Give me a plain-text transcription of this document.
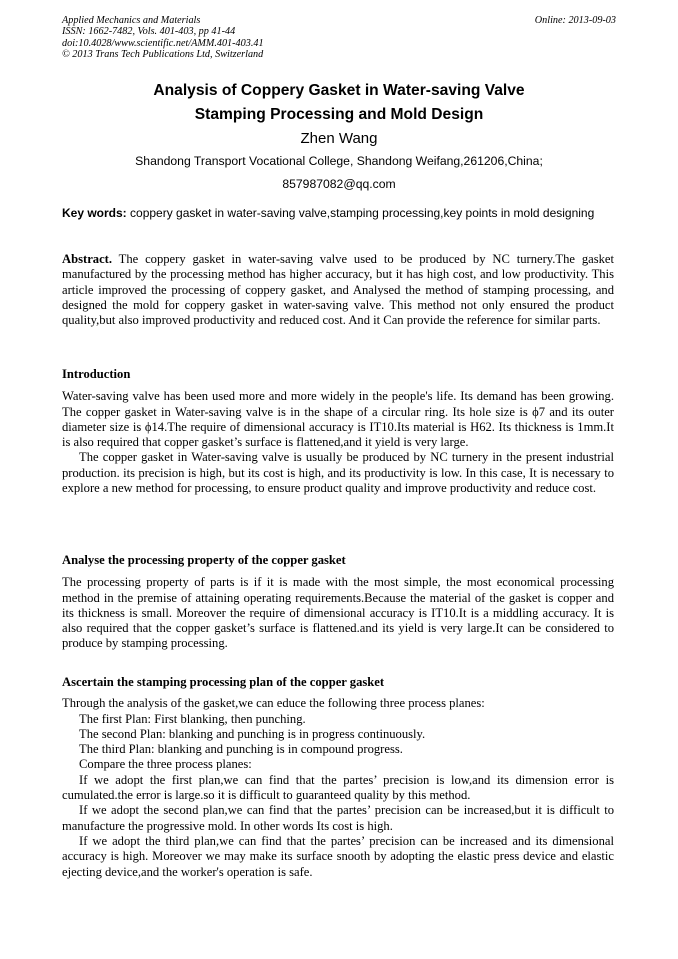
Applied Mechanics and Materials
ISSN: 1662-7482, Vols. 401-403, pp 41-44
doi:10.4028/www.scientific.net/AMM.401-403.41
© 2013 Trans Tech Publications Ltd, Switzerland
Online: 2013-09-03
Analysis of Coppery Gasket in Water-saving Valve
Stamping Processing and Mold Design
Zhen Wang
Shandong Transport Vocational College, Shandong Weifang,261206,China;
857987082@qq.com
Key words: coppery gasket in water-saving valve,stamping processing,key points in mold designing

Abstract. The coppery gasket in water-saving valve used to be produced by NC turnery.The gasket manufactured by the processing method has higher accuracy, but it has high cost, and low productivity. This article improved the processing of coppery gasket, and Analysed the method of stamping processing, and designed the mold for coppery gasket in water-saving valve. This method not only ensured the product quality,but also improved productivity and reduced cost. And it Can provide the reference for similar parts.

Introduction

Water-saving valve has been used more and more widely in the people's life. Its demand has been growing. The copper gasket in Water-saving valve is in the shape of a circular ring. Its hole size is ϕ7 and its outer diameter size is ϕ14.The require of dimensional accuracy is IT10.Its material is H62. Its thickness is 1mm.It is also required that copper gasket’s surface is flattened,and it yield is very large.

The copper gasket in Water-saving valve is usually be produced by NC turnery in the present industrial production. its precision is high, but its cost is high, and its productivity is low. In this case, It is necessary to explore a new method for processing, to ensure product quality and improve productivity and reduce cost.

Analyse the processing property of the copper gasket

The processing property of parts is if it is made with the most simple, the most economical processing method in the premise of attaining operating requirements.Because the material of the gasket is copper and its thickness is small. Moreover the require of dimensional accuracy is IT10.It is a middling accuracy. It is also required that the copper gasket’s surface is flattened.and its yield is very large.It can be considered to produce by stamping processing.

Ascertain the stamping processing plan of the copper gasket

Through the analysis of the gasket,we can educe the following three process planes:

The first Plan: First blanking, then punching.

The second Plan: blanking and punching is in progress continuously.

The third Plan: blanking and punching is in compound progress.

Compare the three process planes:

If we adopt the first plan,we can find that the partes’ precision is low,and its dimension error is cumulated.the error is large.so it is difficult to guaranteed quality by this method.

If we adopt the second plan,we can find that the partes’ precision can be increased,but it is difficult to manufacture the progressive mold. In other words Its cost is high.

If we adopt the third plan,we can find that the partes’ precision can be increased and its dimensional accuracy is high. Moreover we may make its surface snooth by adopting the elastic press device and elastic ejecting device,and the worker's operation is safe.
